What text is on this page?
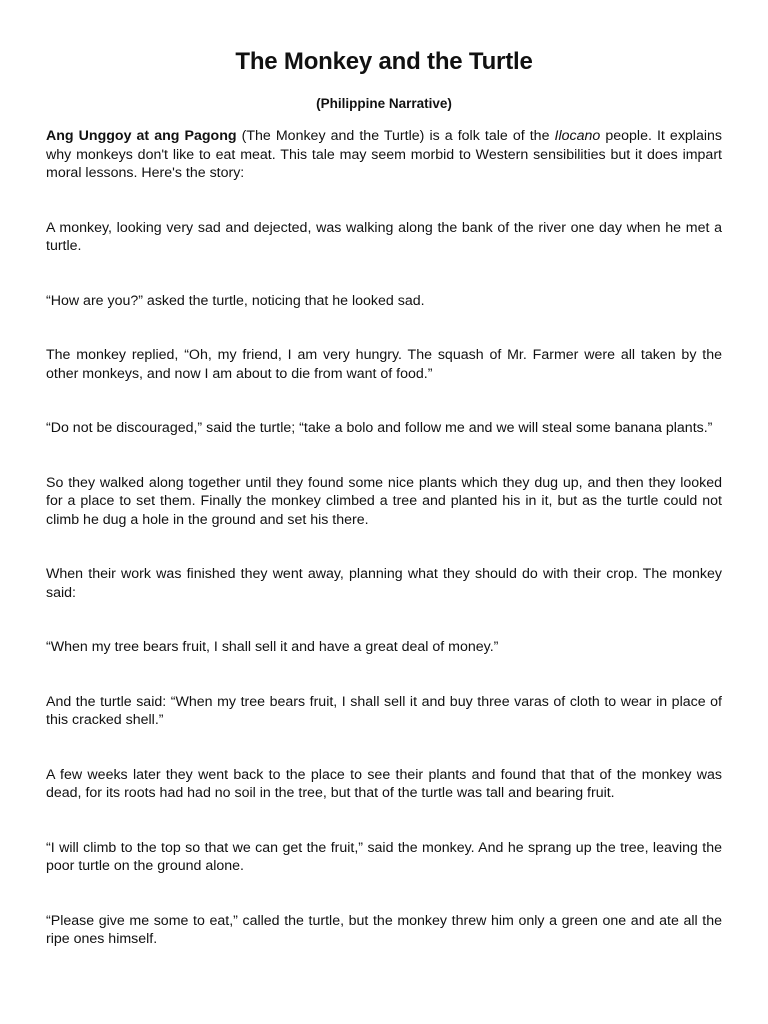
The Monkey and the Turtle
(Philippine Narrative)

Ang Unggoy at ang Pagong (The Monkey and the Turtle) is a folk tale of the Ilocano people. It explains why monkeys don't like to eat meat. This tale may seem morbid to Western sensibilities but it does impart moral lessons. Here's the story:

A monkey, looking very sad and dejected, was walking along the bank of the river one day when he met a turtle.

“How are you?” asked the turtle, noticing that he looked sad.

The monkey replied, “Oh, my friend, I am very hungry. The squash of Mr. Farmer were all taken by the other monkeys, and now I am about to die from want of food.”

“Do not be discouraged,” said the turtle; “take a bolo and follow me and we will steal some banana plants.”

So they walked along together until they found some nice plants which they dug up, and then they looked for a place to set them. Finally the monkey climbed a tree and planted his in it, but as the turtle could not climb he dug a hole in the ground and set his there.

When their work was finished they went away, planning what they should do with their crop. The monkey said:

“When my tree bears fruit, I shall sell it and have a great deal of money.”

And the turtle said: “When my tree bears fruit, I shall sell it and buy three varas of cloth to wear in place of this cracked shell.”

A few weeks later they went back to the place to see their plants and found that that of the monkey was dead, for its roots had had no soil in the tree, but that of the turtle was tall and bearing fruit.

“I will climb to the top so that we can get the fruit,” said the monkey. And he sprang up the tree, leaving the poor turtle on the ground alone.

“Please give me some to eat,” called the turtle, but the monkey threw him only a green one and ate all the ripe ones himself.
